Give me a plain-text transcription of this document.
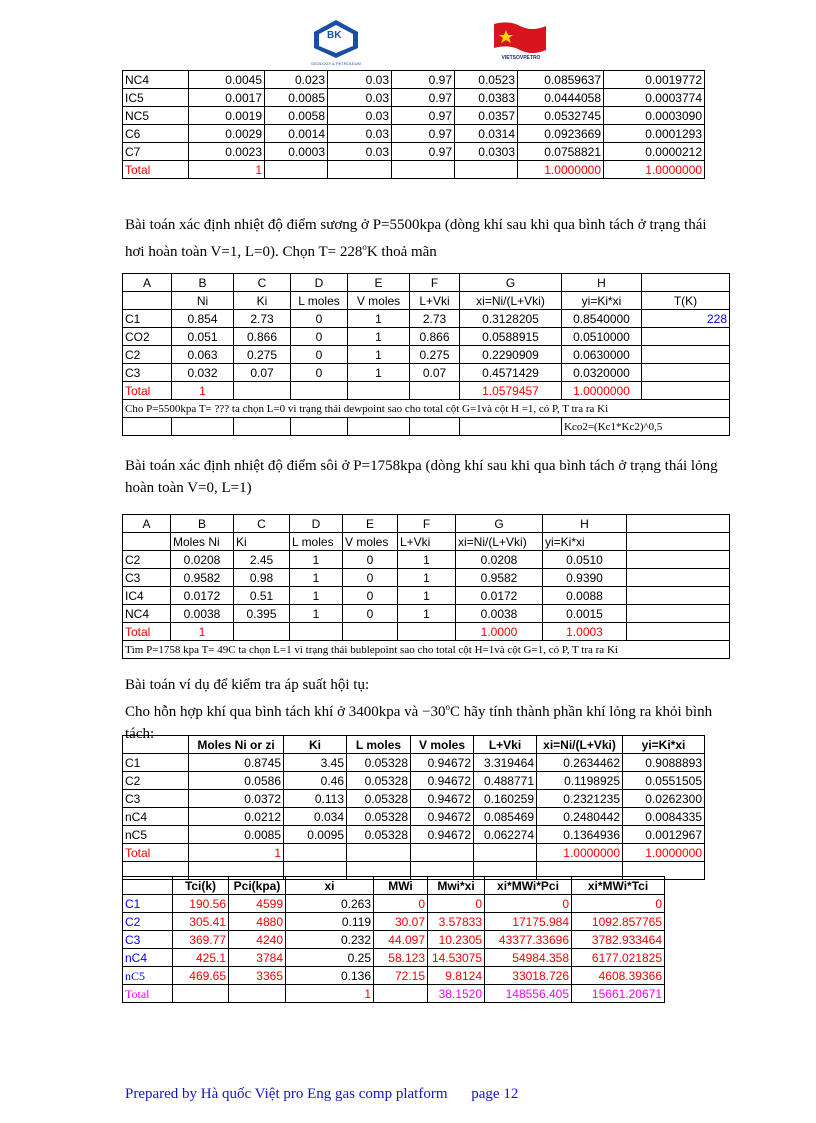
BK
GEOLOGY & PETROLEUM
VIETSOVPETRO
NC4	0.0045	0.023	0.03	0.97	0.0523	0.0859637	0.0019772
IC5	0.0017	0.0085	0.03	0.97	0.0383	0.0444058	0.0003774
NC5	0.0019	0.0058	0.03	0.97	0.0357	0.0532745	0.0003090
C6	0.0029	0.0014	0.03	0.97	0.0314	0.0923669	0.0001293
C7	0.0023	0.0003	0.03	0.97	0.0303	0.0758821	0.0000212
Total	1					1.0000000	1.0000000

Bài toán xác định nhiệt độ điểm sương ở P=5500kpa (dòng khí sau khi qua bình tách ở trạng thái
hơi hoàn toàn V=1, L=0). Chọn $T= 228^oK$ thoả mãn

A	B	C	D	E	F	G	H	
	Ni	Ki	L moles	V moles	L+Vki	xi=Ni/(L+Vki)	yi=Ki*xi	T(K)
C1	0.854	2.73	0	1	2.73	0.3128205	0.8540000	228
CO2	0.051	0.866	0	1	0.866	0.0588915	0.0510000	
C2	0.063	0.275	0	1	0.275	0.2290909	0.0630000	
C3	0.032	0.07	0	1	0.07	0.4571429	0.0320000	
Total	1					1.0579457	1.0000000	
Cho P=5500kpa T= ??? ta chọn L=0 vì trạng thái dewpoint sao cho total cột G=1và cột H =1, có P, T tra ra Ki								
							Kco2=(Kc1*Kc2)^0,5	

Bài toán xác định nhiệt độ điểm sôi ở P=1758kpa (dòng khí sau khi qua bình tách ở trạng thái lỏng
hoàn toàn V=0, L=1)

A	B	C	D	E	F	G	H	
	Moles Ni	Ki	L moles	V moles	L+Vki	xi=Ni/(L+Vki)	yi=Ki*xi	
C2	0.0208	2.45	1	0	1	0.0208	0.0510	
C3	0.9582	0.98	1	0	1	0.9582	0.9390	
IC4	0.0172	0.51	1	0	1	0.0172	0.0088	
NC4	0.0038	0.395	1	0	1	0.0038	0.0015	
Total	1					1.0000	1.0003	
Tìm P=1758 kpa T= 49C ta chọn L=1 vì trạng thái bublepoint sao cho total cột H=1và cột G=1, có P, T tra ra Ki								

Bài toán ví dụ để kiểm tra áp suất hội tụ:
Cho hỗn hợp khí qua bình tách khí ở 3400kpa và $-30^oC$ hãy tính thành phần khí lỏng ra khỏi bình
tách:

	Moles Ni or zi	Ki	L moles	V moles	L+Vki	xi=Ni/(L+Vki)	yi=Ki*xi
C1	0.8745	3.45	0.05328	0.94672	3.319464	0.2634462	0.9088893
C2	0.0586	0.46	0.05328	0.94672	0.488771	0.1198925	0.0551505
C3	0.0372	0.113	0.05328	0.94672	0.160259	0.2321235	0.0262300
nC4	0.0212	0.034	0.05328	0.94672	0.085469	0.2480442	0.0084335
nC5	0.0085	0.0095	0.05328	0.94672	0.062274	0.1364936	0.0012967
Total	1					1.0000000	1.0000000

	Tci(k)	Pci(kpa)	xi	MWi	Mwi*xi	xi*MWi*Pci	xi*MWi*Tci
C1	190.56	4599	0.263	0	0	0	0
C2	305.41	4880	0.119	30.07	3.57833	17175.984	1092.857765
C3	369.77	4240	0.232	44.097	10.2305	43377.33696	3782.933464
nC4	425.1	3784	0.25	58.123	14.53075	54984.358	6177.021825
nC5	469.65	3365	0.136	72.15	9.8124	33018.726	4608.39366
Total			1		38.1520	148556.405	15661.20671
Prepared by Hà quốc Việt pro Eng gas comp platform page 12
